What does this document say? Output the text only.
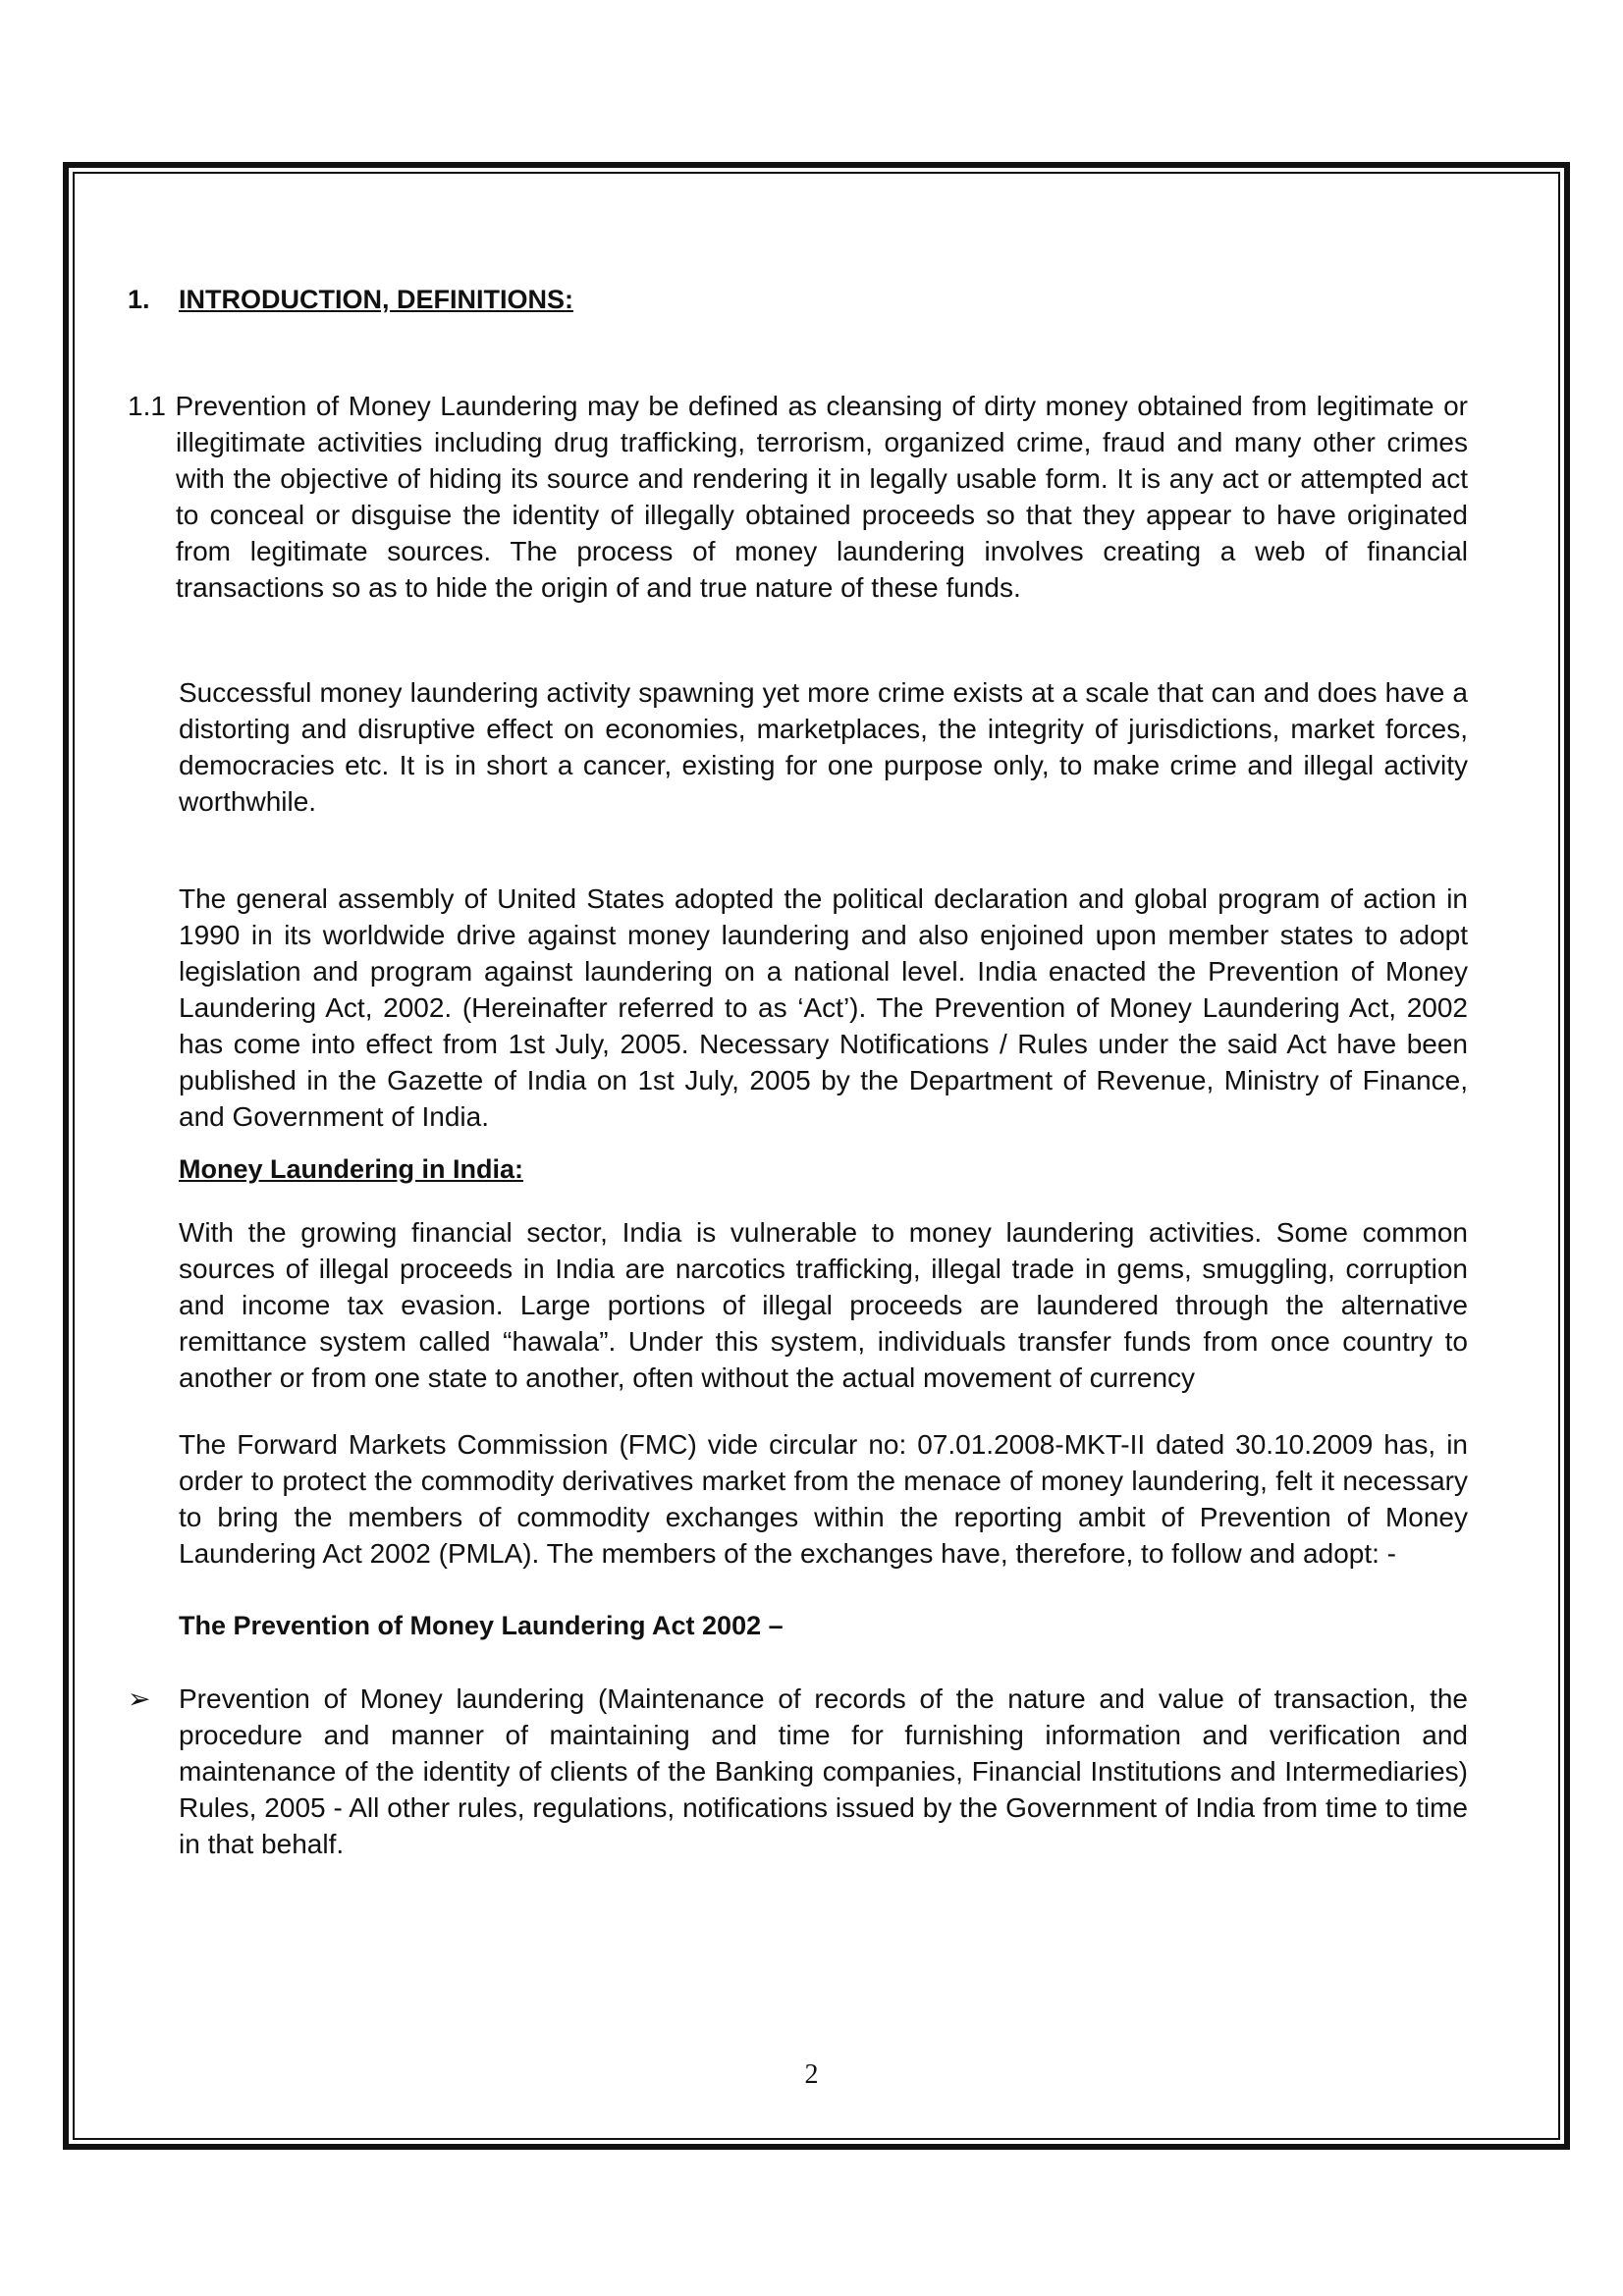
1. INTRODUCTION, DEFINITIONS:

1.1 Prevention of Money Laundering may be defined as cleansing of dirty money obtained from legitimate or illegitimate activities including drug trafficking, terrorism, organized crime, fraud and many other crimes with the objective of hiding its source and rendering it in legally usable form. It is any act or attempted act to conceal or disguise the identity of illegally obtained proceeds so that they appear to have originated from legitimate sources. The process of money laundering involves creating a web of financial transactions so as to hide the origin of and true nature of these funds.

Successful money laundering activity spawning yet more crime exists at a scale that can and does have a distorting and disruptive effect on economies, marketplaces, the integrity of jurisdictions, market forces, democracies etc. It is in short a cancer, existing for one purpose only, to make crime and illegal activity worthwhile.

The general assembly of United States adopted the political declaration and global program of action in 1990 in its worldwide drive against money laundering and also enjoined upon member states to adopt legislation and program against laundering on a national level. India enacted the Prevention of Money Laundering Act, 2002. (Hereinafter referred to as ‘Act’). The Prevention of Money Laundering Act, 2002 has come into effect from 1st July, 2005. Necessary Notifications / Rules under the said Act have been published in the Gazette of India on 1st July, 2005 by the Department of Revenue, Ministry of Finance, and Government of India.

Money Laundering in India:

With the growing financial sector, India is vulnerable to money laundering activities. Some common sources of illegal proceeds in India are narcotics trafficking, illegal trade in gems, smuggling, corruption and income tax evasion. Large portions of illegal proceeds are laundered through the alternative remittance system called “hawala”. Under this system, individuals transfer funds from once country to another or from one state to another, often without the actual movement of currency

The Forward Markets Commission (FMC) vide circular no: 07.01.2008-MKT-II dated 30.10.2009 has, in order to protect the commodity derivatives market from the menace of money laundering, felt it necessary to bring the members of commodity exchanges within the reporting ambit of Prevention of Money Laundering Act 2002 (PMLA). The members of the exchanges have, therefore, to follow and adopt: -

The Prevention of Money Laundering Act 2002 –

➢ Prevention of Money laundering (Maintenance of records of the nature and value of transaction, the procedure and manner of maintaining and time for furnishing information and verification and maintenance of the identity of clients of the Banking companies, Financial Institutions and Intermediaries) Rules, 2005 - All other rules, regulations, notifications issued by the Government of India from time to time in that behalf.

2
